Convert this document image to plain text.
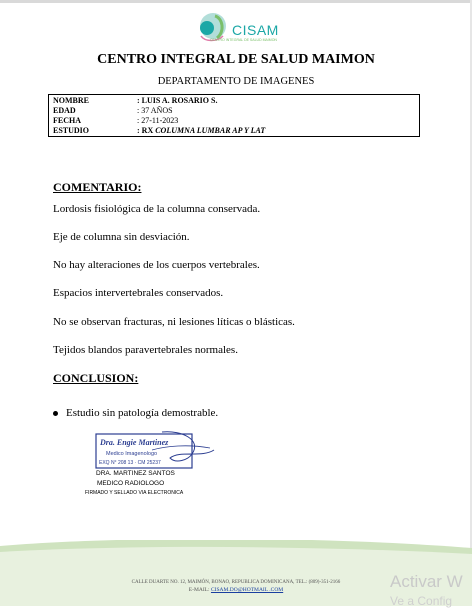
CISAM
CENTRO INTEGRAL DE SALUD MAIMON
CENTRO INTEGRAL DE SALUD MAIMON
DEPARTAMENTO DE IMAGENES
NOMBRE	: LUIS A. ROSARIO S.
EDAD	: 37 AÑOS
FECHA	: 27-11-2023
ESTUDIO	: RX COLUMNA LUMBAR AP Y LAT
COMENTARIO:
Lordosis fisiológica de la columna conservada.
Eje de columna sin desviación.
No hay alteraciones de los cuerpos vertebrales.
Espacios intervertebrales conservados.
No se observan fracturas, ni lesiones líticas o blásticas.
Tejidos blandos paravertebrales normales.
CONCLUSION:
Estudio sin patología demostrable.
Dra. Engie Martinez
Medico Imagenologo
EXQ N° 208 13 · CM 25237
DRA. MARTINEZ SANTOS
MEDICO RADIOLOGO
FIRMADO Y SELLADO VIA ELECTRONICA
CALLE DUARTE NO. 12, MAIMÓN, BONAO, REPUBLICA DOMINICANA, TEL.: (809)-351-2166
E-MAIL: CISAM.DO@HOTMAIL .COM	Activar W
Ve a Config
